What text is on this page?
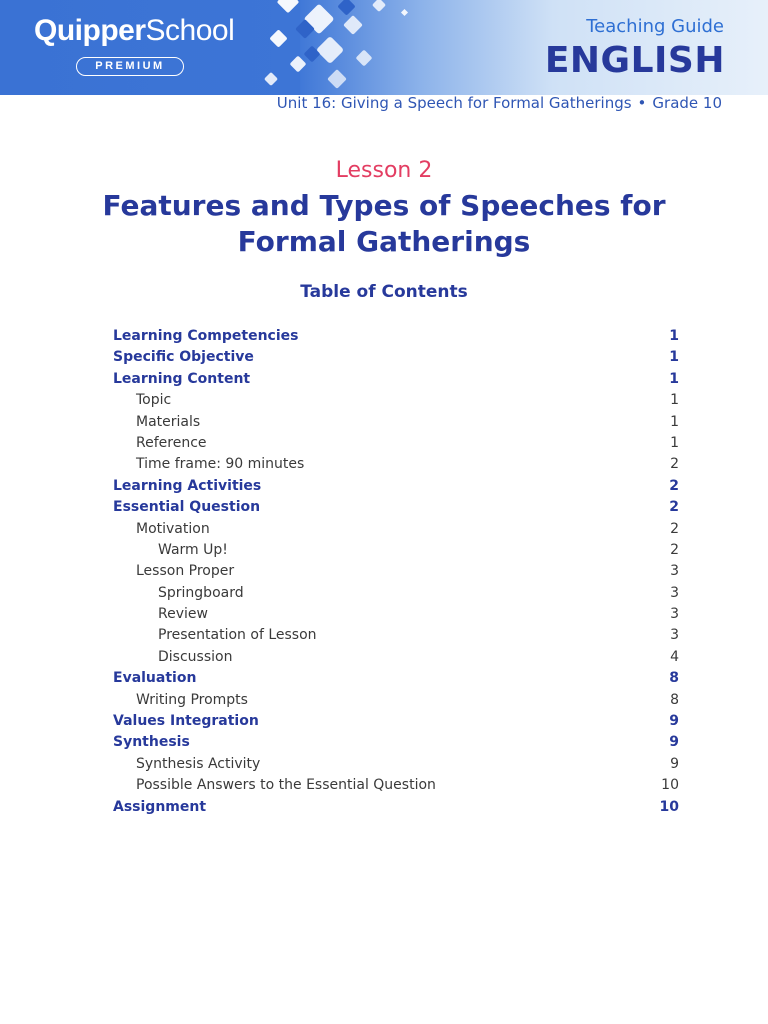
QuipperSchool
PREMIUM
Teaching Guide
ENGLISH
Unit 16: Giving a Speech for Formal Gatherings • Grade 10
Lesson 2
Features and Types of Speeches for Formal Gatherings
Table of Contents
Learning Competencies	1
Specific Objective	1
Learning Content	1
Topic	1
Materials	1
Reference	1
Time frame: 90 minutes	2
Learning Activities	2
Essential Question	2
Motivation	2
Warm Up!	2
Lesson Proper	3
Springboard	3
Review	3
Presentation of Lesson	3
Discussion	4
Evaluation	8
Writing Prompts	8
Values Integration	9
Synthesis	9
Synthesis Activity	9
Possible Answers to the Essential Question	10
Assignment	10
